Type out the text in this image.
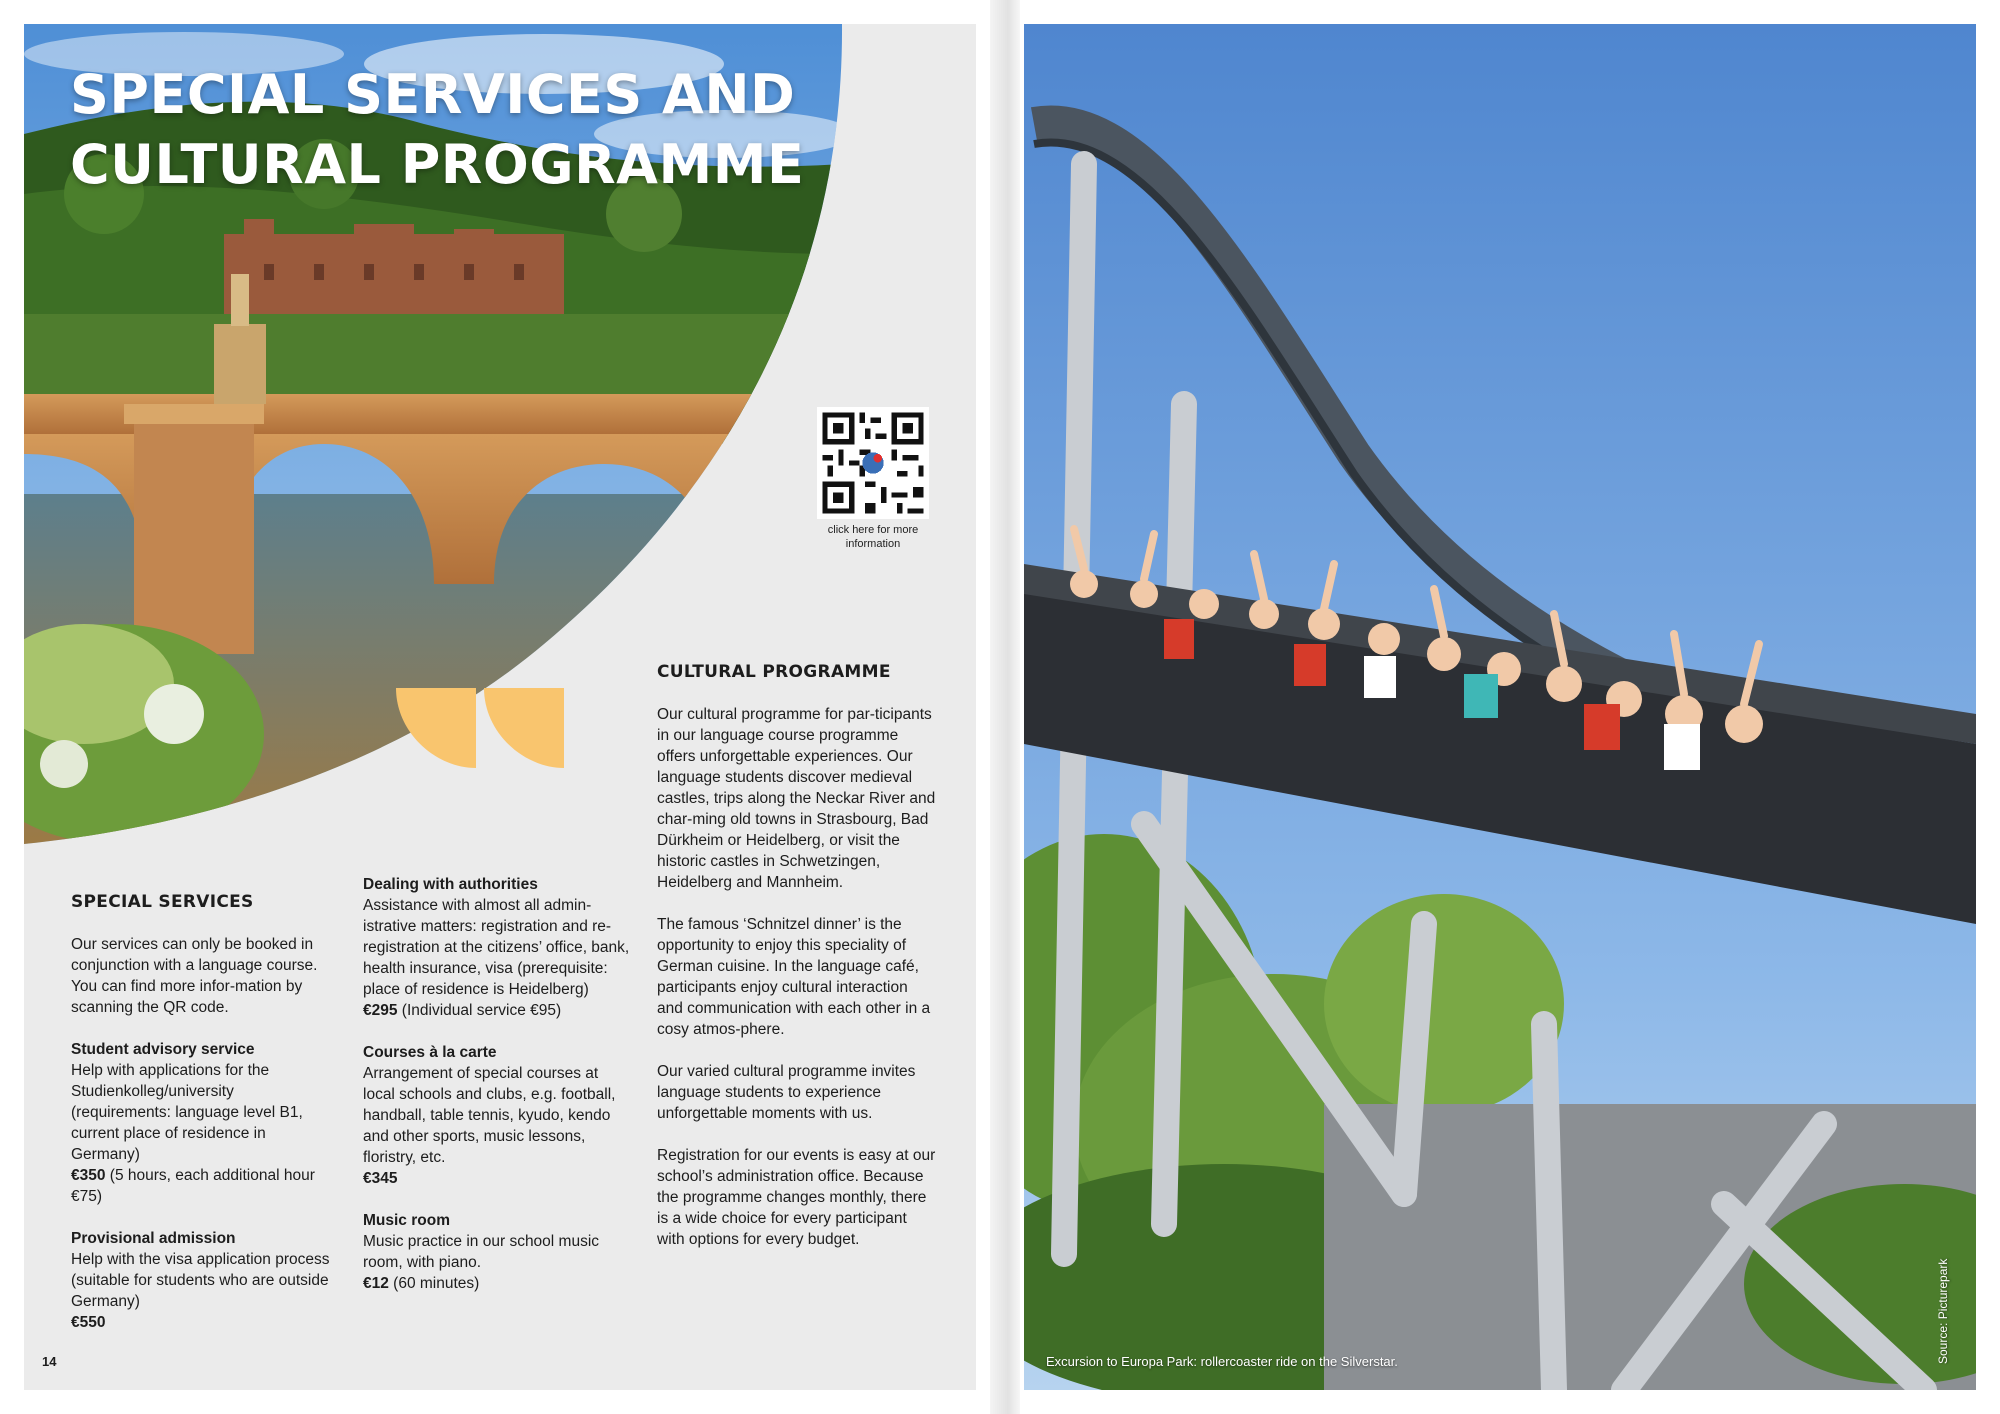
SPECIAL SERVICES AND
CULTURAL PROGRAMME
click here for more information

SPECIAL SERVICES

Our services can only be booked in conjunction with a language course. You can find more infor-mation by scanning the QR code.

Student advisory service

Help with applications for the Studienkolleg/university (requirements: language level B1, current place of residence in Germany)

€350 (5 hours, each additional hour €75)

Provisional admission

Help with the visa application process (suitable for students who are outside Germany)

€550

Dealing with authorities

Assistance with almost all admin-istrative matters: registration and re-registration at the citizens’ office, bank, health insurance, visa (prerequisite: place of residence is Heidelberg)

€295 (Individual service €95)

Courses à la carte

Arrangement of special courses at local schools and clubs, e.g. football, handball, table tennis, kyudo, kendo and other sports, music lessons, floristry, etc.

€345

Music room

Music practice in our school music room, with piano.

€12 (60 minutes)

CULTURAL PROGRAMME

Our cultural programme for par-ticipants in our language course programme offers unforgettable experiences. Our language students discover medieval castles, trips along the Neckar River and char-ming old towns in Strasbourg, Bad Dürkheim or Heidelberg, or visit the historic castles in Schwetzingen, Heidelberg and Mannheim.

The famous ‘Schnitzel dinner’ is the opportunity to enjoy this speciality of German cuisine. In the language café, participants enjoy cultural interaction and communication with each other in a cosy atmos-phere.

Our varied cultural programme invites language students to experience unforgettable moments with us.

Registration for our events is easy at our school’s administration office. Because the programme changes monthly, there is a wide choice for every participant with options for every budget.

14	Excursion to Europa Park: rollercoaster ride on the Silverstar.	Source: Picturepark
